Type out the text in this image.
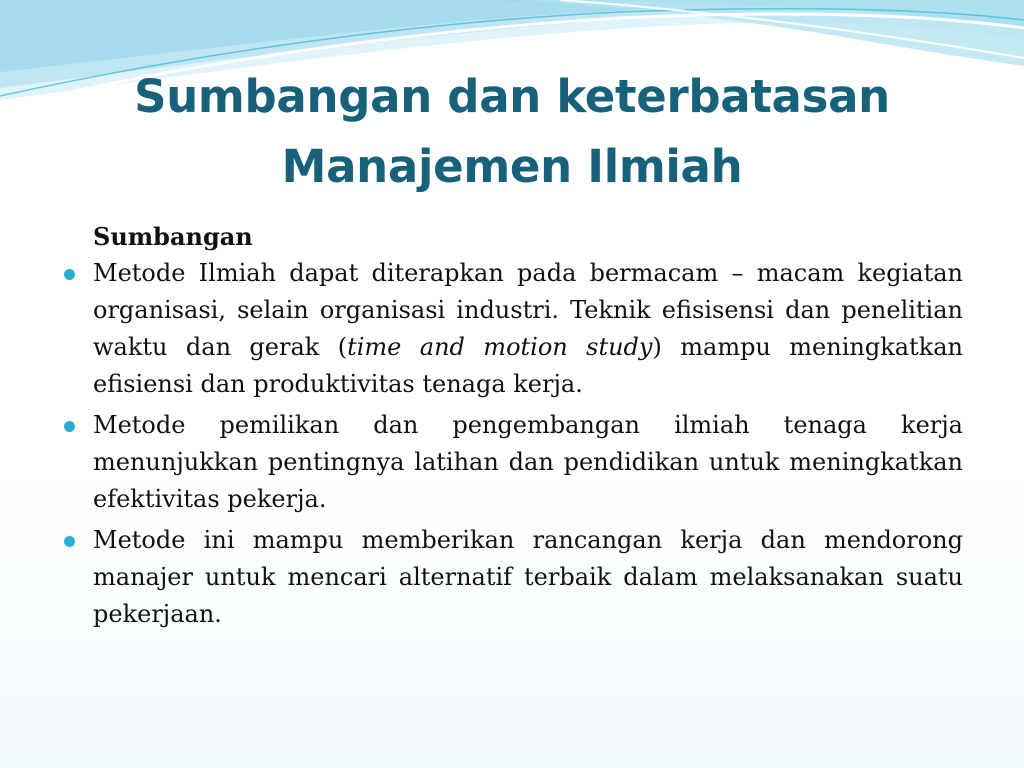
Sumbangan dan keterbatasan
Manajemen Ilmiah

Sumbangan

Metode Ilmiah dapat diterapkan pada bermacam – macam kegiatan organisasi, selain organisasi industri. Teknik efisisensi dan penelitian waktu dan gerak (time and motion study) mampu meningkatkan efisiensi dan produktivitas tenaga kerja.
Metode pemilikan dan pengembangan ilmiah tenaga kerja menunjukkan pentingnya latihan dan pendidikan untuk meningkatkan efektivitas pekerja.
Metode ini mampu memberikan rancangan kerja dan mendorong manajer untuk mencari alternatif terbaik dalam melaksanakan suatu pekerjaan.
